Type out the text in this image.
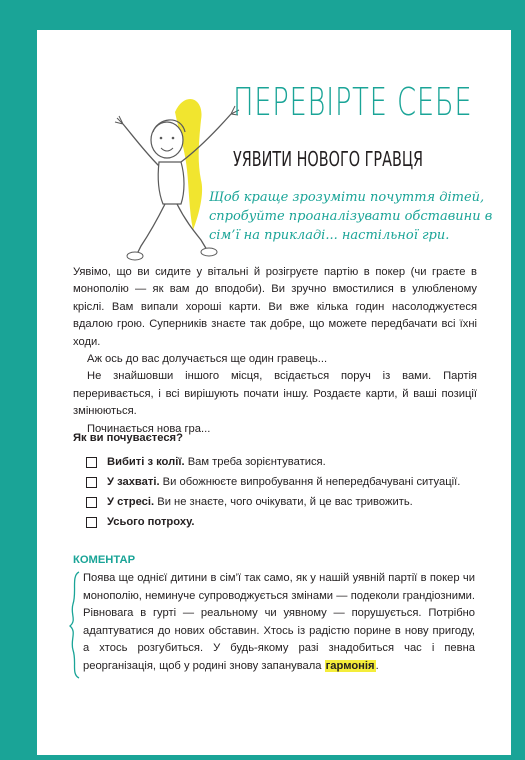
ПЕРЕВІРТЕ СЕБЕ
УЯВИТИ НОВОГО ГРАВЦЯ

Щоб краще зрозуміти почуття дітей, спробуйте проаналізувати обставини в сім’ї на прикладі... настільної гри.

Уявімо, що ви сидите у вітальні й розігруєте партію в покер (чи граєте в монополію — як вам до вподоби). Ви зручно вмостилися в улюбленому кріслі. Вам випали хороші карти. Ви вже кілька годин насолоджуєтеся вдалою грою. Суперників знаєте так добре, що можете передбачати всі їхні ходи.

Аж ось до вас долучається ще один гравець...

Не знайшовши іншого місця, всідається поруч із вами. Партія переривається, і всі вирішують почати іншу. Роздаєте карти, й ваші позиції змінюються.

Починається нова гра...

Як ви почуваєтеся?

Вибиті з колії. Вам треба зорієнтуватися.
У захваті. Ви обожнюєте випробування й непередбачувані ситуації.
У стресі. Ви не знаєте, чого очікувати, й це вас тривожить.
Усього потроху.

КОМЕНТАР

Поява ще однієї дитини в сім’ї так само, як у нашій уявній партії в покер чи монополію, неминуче супроводжується змінами — подеколи грандіозними. Рівновага в гурті — реальному чи уявному — порушується. Потрібно адаптуватися до нових обставин. Хтось із радістю порине в нову пригоду, а хтось розгубиться. У будь-якому разі знадобиться час і певна реорганізація, щоб у родині знову запанувала гармонія.
